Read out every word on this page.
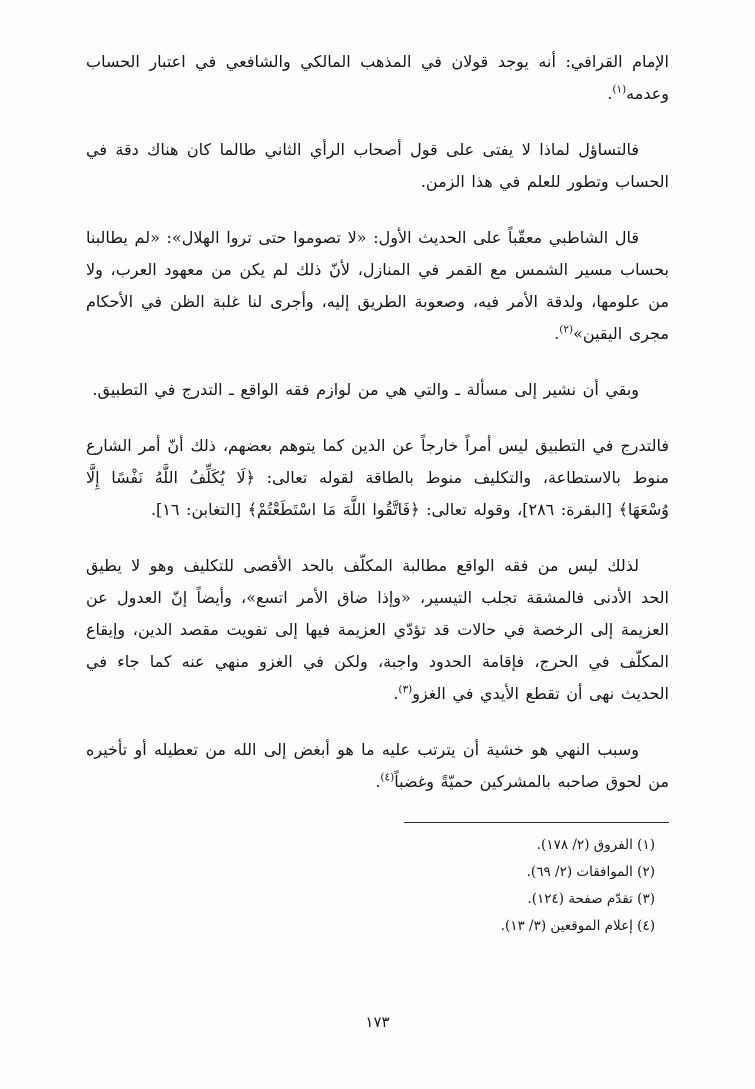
الإمام القرافي: أنه يوجد قولان في المذهب المالكي والشافعي في اعتبار الحساب وعدمه$^{(١)}$.

فالتساؤل لماذا لا يفتى على قول أصحاب الرأي الثاني طالما كان هناك دقة في الحساب وتطور للعلم في هذا الزمن.

قال الشاطبي معقّباً على الحديث الأول: «لا تصوموا حتى تروا الهلال»: «لم يطالبنا بحساب مسير الشمس مع القمر في المنازل، لأنّ ذلك لم يكن من معهود العرب، ولا من علومها، ولدقة الأمر فيه، وصعوبة الطريق إليه، وأجرى لنا غلبة الظن في الأحكام مجرى اليقين»$^{(٢)}$.

وبقي أن نشير إلى مسألة ـ والتي هي من لوازم فقه الواقع ـ التدرج في التطبيق.

فالتدرج في التطبيق ليس أمراً خارجاً عن الدين كما يتوهم بعضهم، ذلك أنّ أمر الشارع منوط بالاستطاعة، والتكليف منوط بالطاقة لقوله تعالى: ﴿لَا يُكَلِّفُ اللَّهُ نَفْسًا إِلَّا وُسْعَهَا﴾ [البقرة: ٢٨٦]، وقوله تعالى: ﴿فَاتَّقُوا اللَّهَ مَا اسْتَطَعْتُمْ﴾ [التغابن: ١٦].

لذلك ليس من فقه الواقع مطالبة المكلّف بالحد الأقصى للتكليف وهو لا يطيق الحد الأدنى فالمشقة تجلب التيسير، «وإذا ضاق الأمر اتسع»، وأيضاً إنّ العدول عن العزيمة إلى الرخصة في حالات قد تؤدّي العزيمة فيها إلى تفويت مقصد الدين، وإيقاع المكلّف في الحرج، فإقامة الحدود واجبة، ولكن في الغزو منهي عنه كما جاء في الحديث نهى أن تقطع الأيدي في الغزو$^{(٣)}$.

وسبب النهي هو خشية أن يترتب عليه ما هو أبغض إلى الله من تعطيله أو تأخيره من لحوق صاحبه بالمشركين حميّةً وغضباً$^{(٤)}$.

(١) الفروق (٢/ ١٧٨).

(٢) الموافقات (٢/ ٦٩).

(٣) تقدّم صفحة (١٢٤).

(٤) إعلام الموقعين (٣/ ١٣).

١٧٣
